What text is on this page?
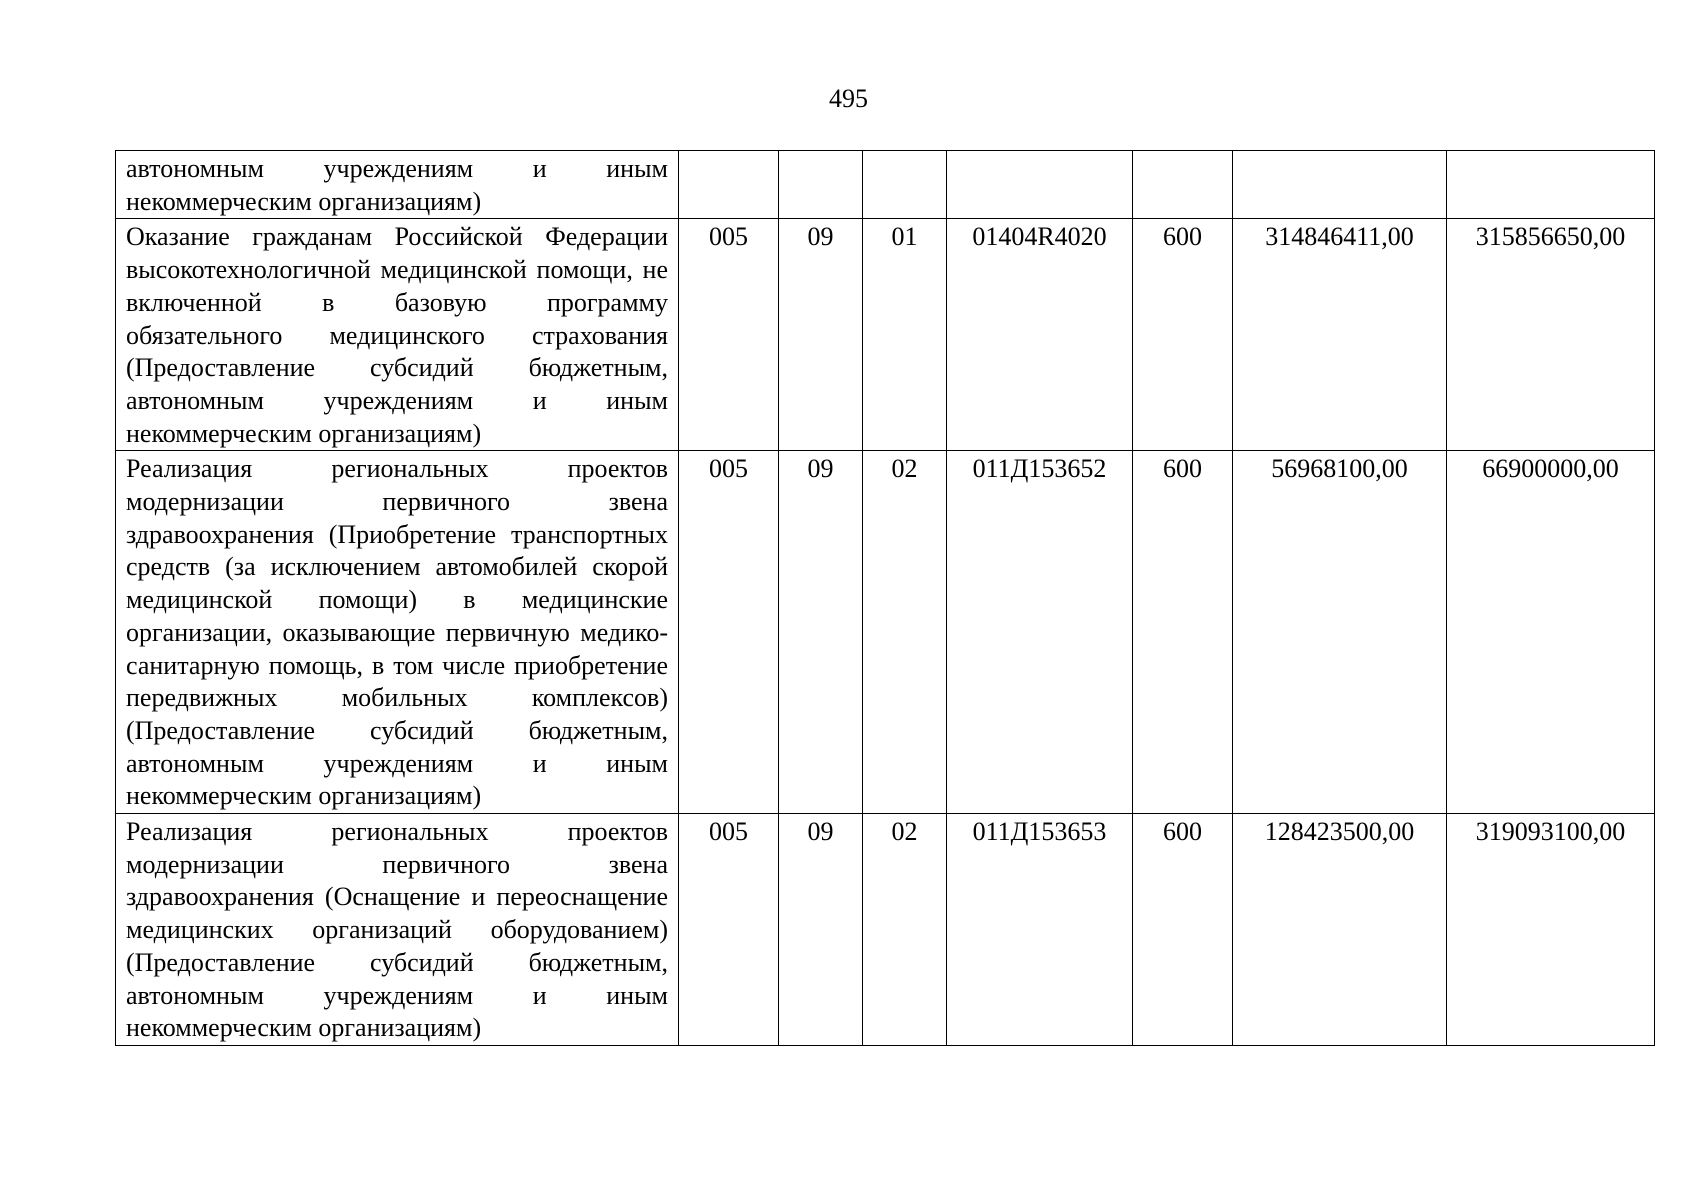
495
автономным учреждениям и иным некоммерческим организациям)							
Оказание гражданам Российской Федерации высокотехнологичной медицинской помощи, не включенной в базовую программу обязательного медицинского страхования (Предоставление субсидий бюджетным, автономным учреждениям и иным некоммерческим организациям)	005	09	01	01404R4020	600	314846411,00	315856650,00
Реализация региональных проектов модернизации первичного звена здравоохранения (Приобретение транспортных средств (за исключением автомобилей скорой медицинской помощи) в медицинские организации, оказывающие первичную медико-санитарную помощь, в том числе приобретение передвижных мобильных комплексов) (Предоставление субсидий бюджетным, автономным учреждениям и иным некоммерческим организациям)	005	09	02	011Д153652	600	56968100,00	66900000,00
Реализация региональных проектов модернизации первичного звена здравоохранения (Оснащение и переоснащение медицинских организаций оборудованием) (Предоставление субсидий бюджетным, автономным учреждениям и иным некоммерческим организациям)	005	09	02	011Д153653	600	128423500,00	319093100,00
